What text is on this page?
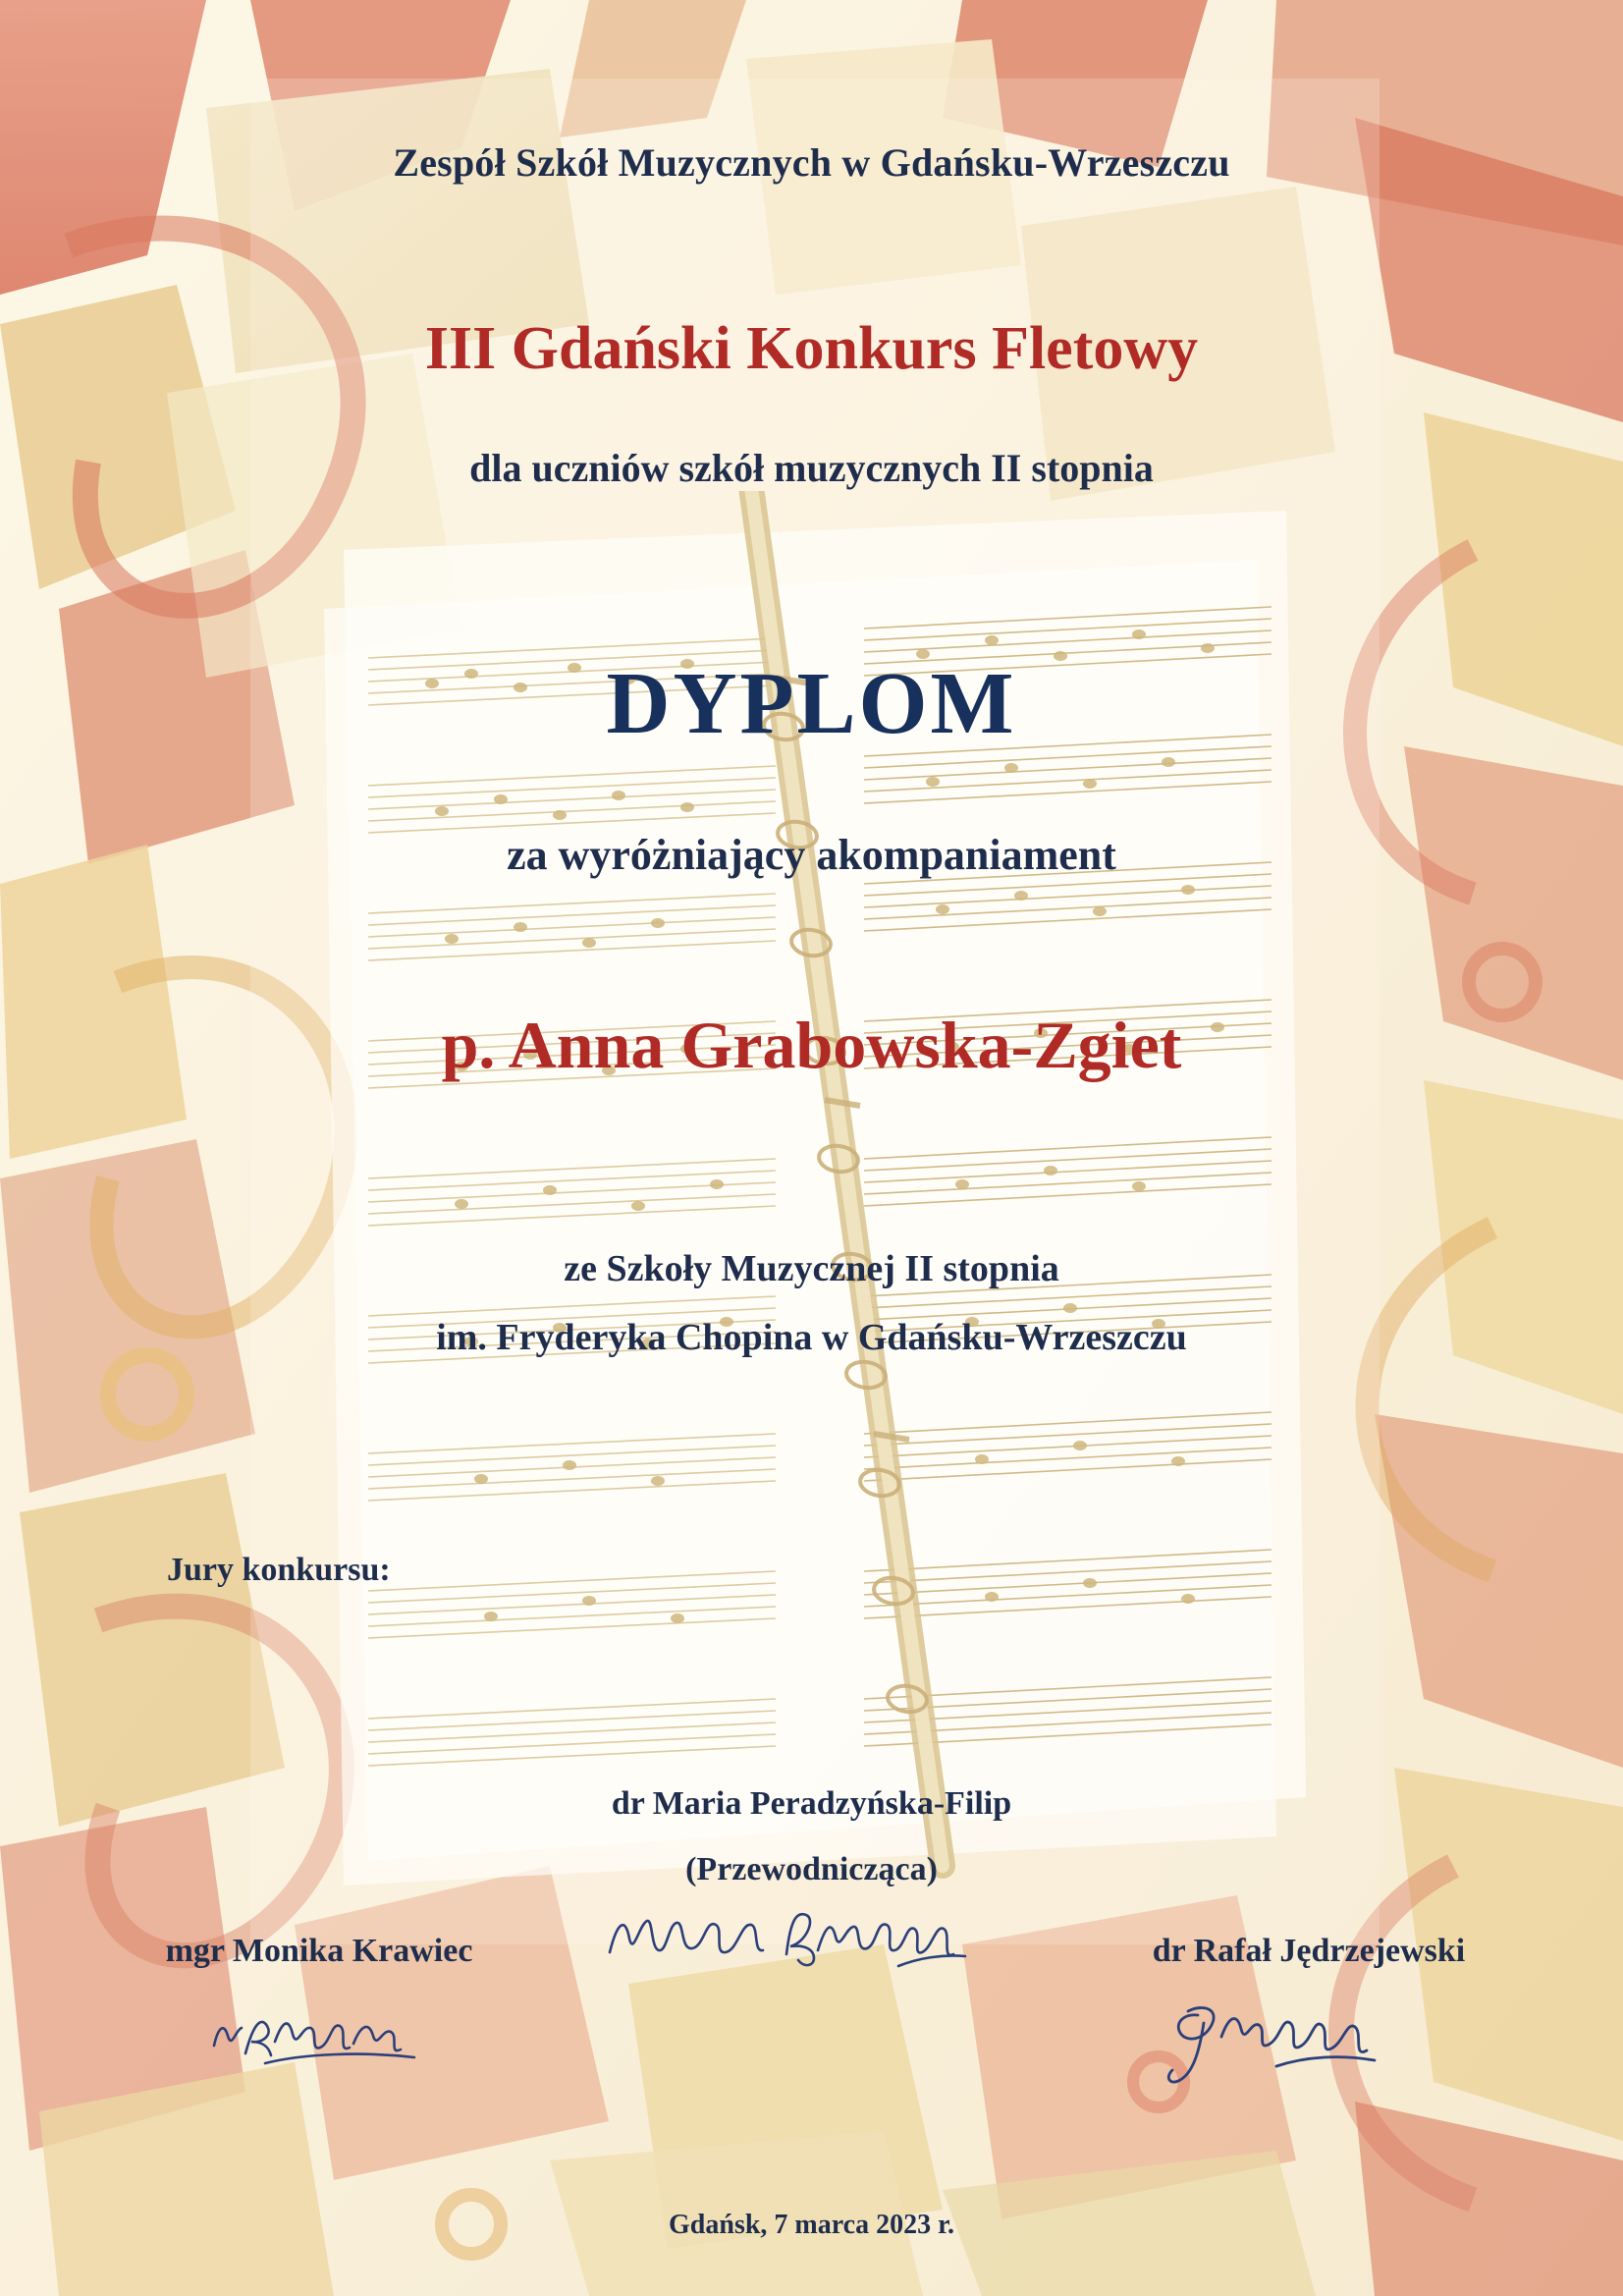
Zespół Szkół Muzycznych w Gdańsku-Wrzeszczu
III Gdański Konkurs Fletowy
dla uczniów szkół muzycznych II stopnia
DYPLOM
za wyróżniający akompaniament
p. Anna Grabowska-Zgiet
ze Szkoły Muzycznej II stopnia
im. Fryderyka Chopina w Gdańsku-Wrzeszczu
Jury konkursu:
dr Maria Peradzyńska-Filip
(Przewodnicząca)
mgr Monika Krawiec	dr Rafał Jędrzejewski
Gdańsk, 7 marca 2023 r.
